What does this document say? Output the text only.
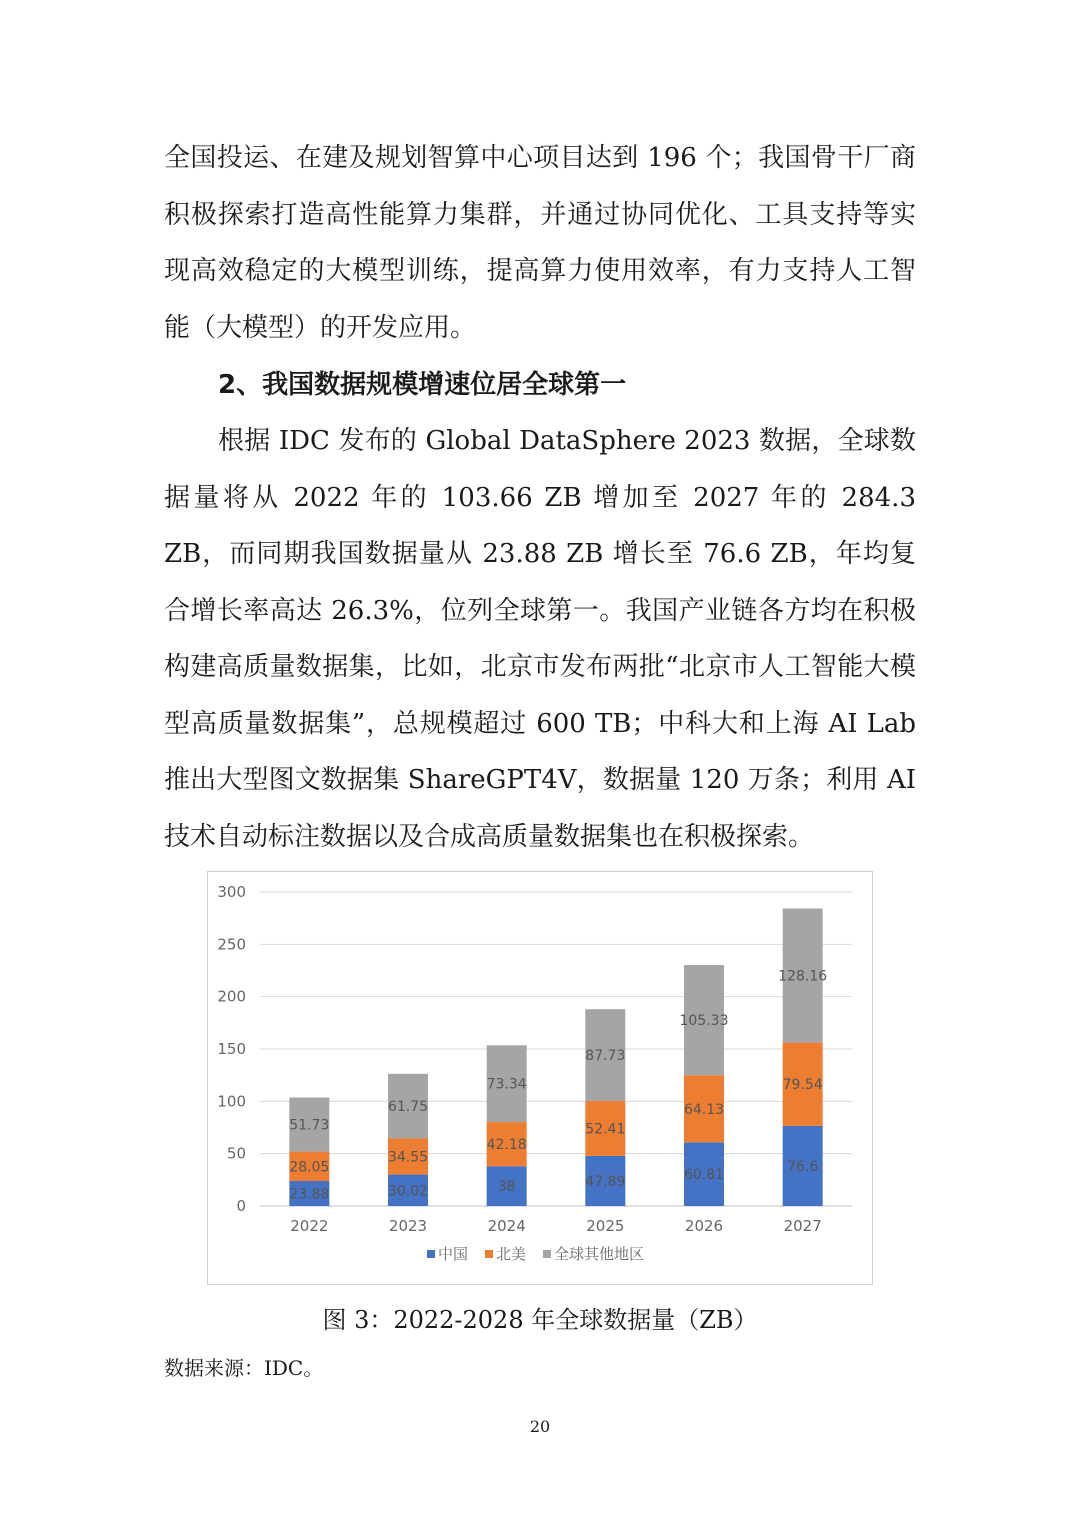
全国投运、在建及规划智算中心项目达到 196 个；我国骨干厂商积极探索打造高性能算力集群，并通过协同优化、工具支持等实现高效稳定的大模型训练，提高算力使用效率，有力支持人工智能（大模型）的开发应用。

2、我国数据规模增速位居全球第一

根据 IDC 发布的 Global DataSphere 2023 数据，全球数据量将从 2022 年的 103.66 ZB 增加至 2027 年的 284.3 ZB，而同期我国数据量从 23.88 ZB 增长至 76.6 ZB，年均复合增长率高达 26.3%，位列全球第一。我国产业链各方均在积极构建高质量数据集，比如，北京市发布两批“北京市人工智能大模型高质量数据集”，总规模超过 600 TB；中科大和上海 AI Lab 推出大型图文数据集 ShareGPT4V，数据量 120 万条；利用 AI 技术自动标注数据以及合成高质量数据集也在积极探索。

0
50
100
150
200
250
300
23.88
28.05
51.73
30.02
34.55
61.75
38
42.18
73.34
47.89
52.41
87.73
60.81
64.13
105.33
76.6
79.54
128.16
2022	2023	2024	2025	2026	2027
中国 北美 全球其他地区

图 3：2022-2028 年全球数据量（ZB）

数据来源：IDC。

20
